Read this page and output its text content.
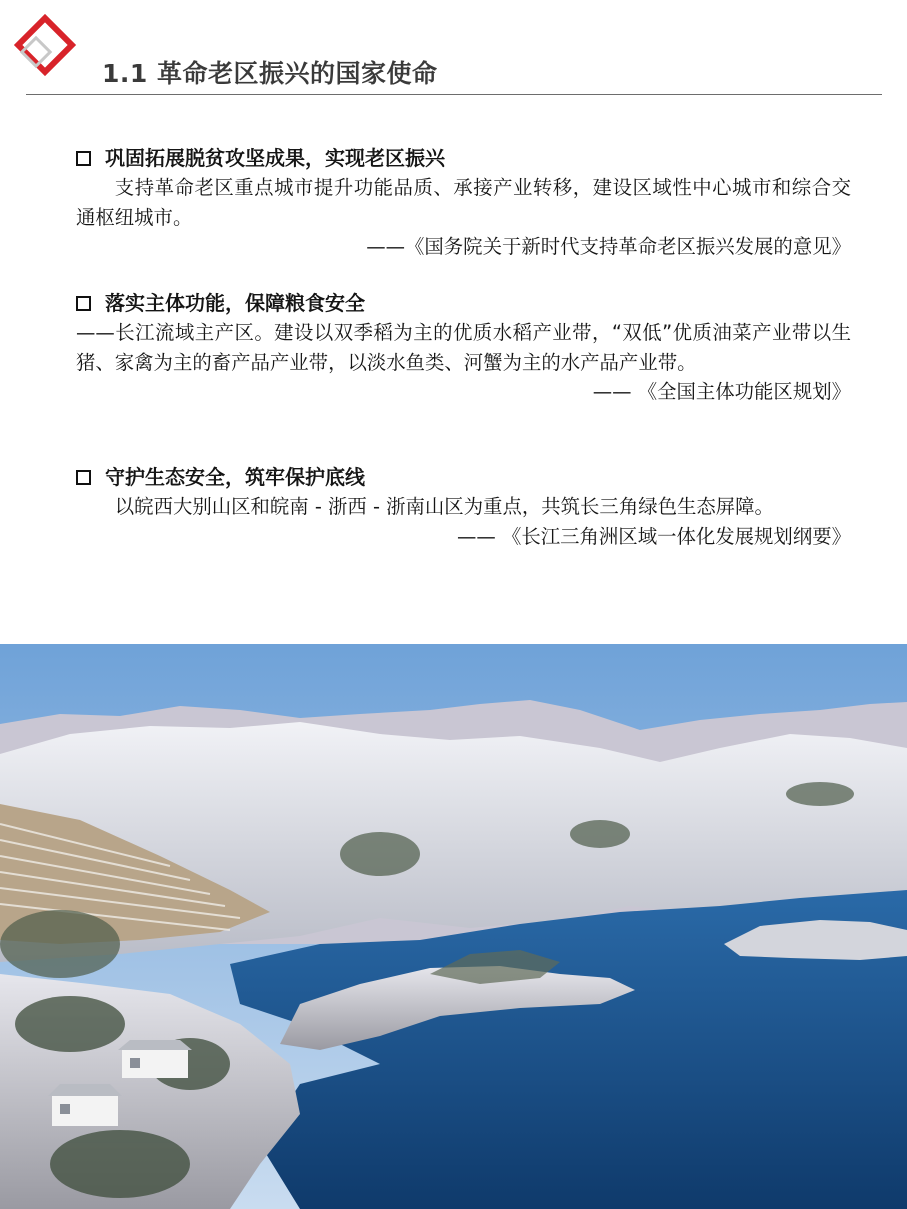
1.1 革命老区振兴的国家使命
巩固拓展脱贫攻坚成果，实现老区振兴

支持革命老区重点城市提升功能品质、承接产业转移，建设区域性中心城市和综合交通枢纽城市。

——《国务院关于新时代支持革命老区振兴发展的意见》

落实主体功能，保障粮食安全

——长江流域主产区。建设以双季稻为主的优质水稻产业带，“双低”优质油菜产业带以生猪、家禽为主的畜产品产业带，以淡水鱼类、河蟹为主的水产品产业带。

—— 《全国主体功能区规划》

守护生态安全，筑牢保护底线

以皖西大别山区和皖南 - 浙西 - 浙南山区为重点，共筑长三角绿色生态屏障。

—— 《长江三角洲区域一体化发展规划纲要》
